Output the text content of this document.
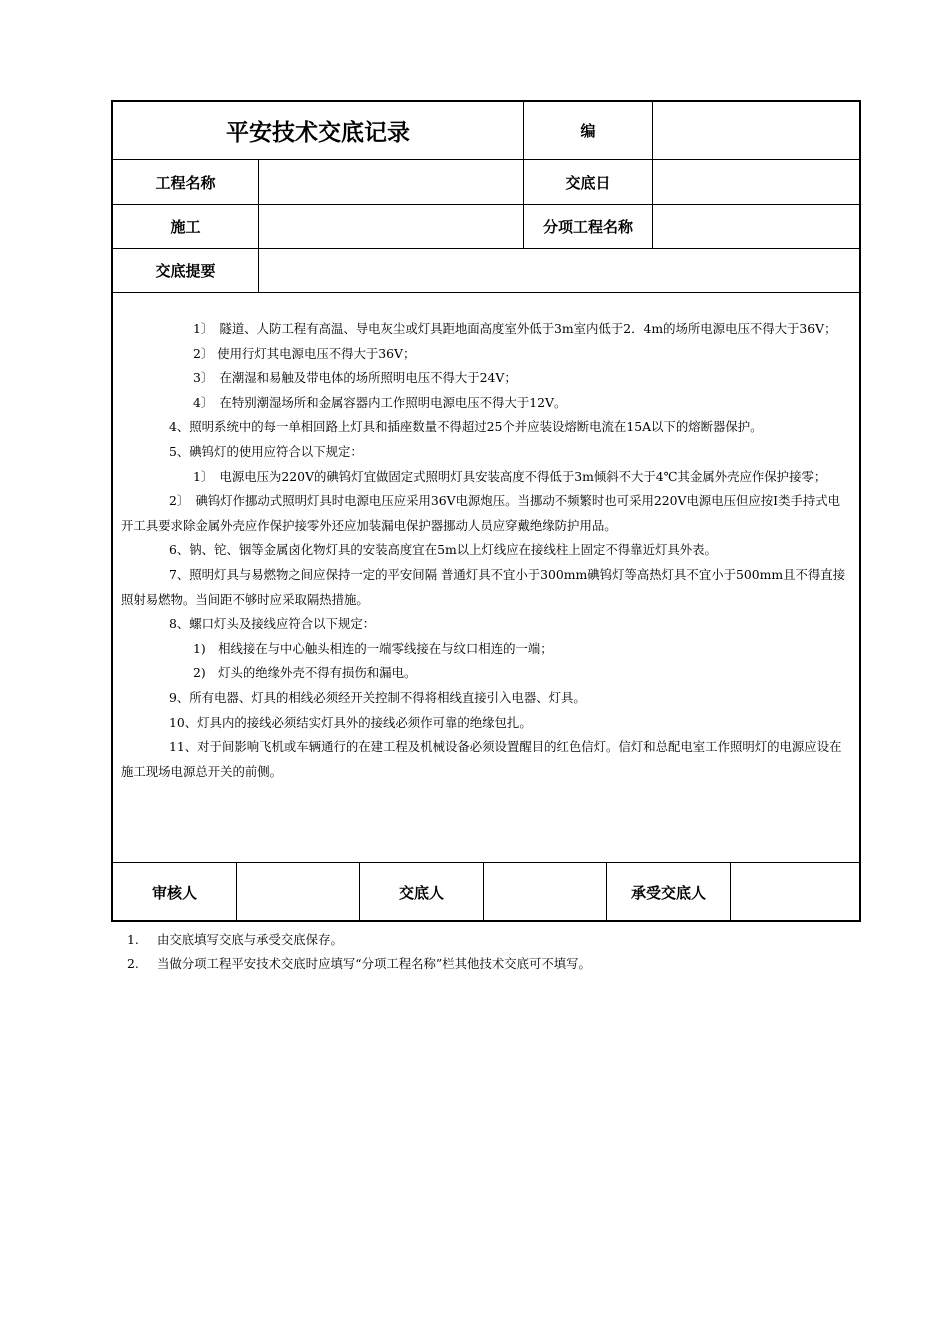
平安技术交底记录	编
工程名称	交底日
施工	分项工程名称
交底提要

1〕　隧道、人防工程有高温、导电灰尘或灯具距地面高度室外低于3m室内低于2．4m的场所电源电压不得大于36V；

2〕 使用行灯其电源电压不得大于36V；

3〕　在潮湿和易触及带电体的场所照明电压不得大于24V；

4〕　在特别潮湿场所和金属容器内工作照明电源电压不得大于12V。

4、照明系统中的每一单相回路上灯具和插座数量不得超过25个并应装设熔断电流在15A以下的熔断器保护。

5、碘钨灯的使用应符合以下规定：

1〕　电源电压为220V的碘钨灯宜做固定式照明灯具安装高度不得低于3m倾斜不大于4℃其金属外壳应作保护接零；

2〕　碘钨灯作挪动式照明灯具时电源电压应采用36V电源炮压。当挪动不频繁时也可采用220V电源电压但应按Ⅰ类手持式电开工具要求除金属外壳应作保护接零外还应加装漏电保护器挪动人员应穿戴绝缘防护用品。

6、钠、铊、铟等金属卤化物灯具的安装高度宜在5m以上灯线应在接线柱上固定不得靠近灯具外表。

7、照明灯具与易燃物之间应保持一定的平安间隔 普通灯具不宜小于300mm碘钨灯等高热灯具不宜小于500mm且不得直接照射易燃物。当间距不够时应采取隔热措施。

8、螺口灯头及接线应符合以下规定：

1)　相线接在与中心触头相连的一端零线接在与纹口相连的一端；

2)　灯头的绝缘外壳不得有损伤和漏电。

9、所有电器、灯具的相线必须经开关控制不得将相线直接引入电器、灯具。

10、灯具内的接线必须结实灯具外的接线必须作可靠的绝缘包扎。

11、对于间影响飞机或车辆通行的在建工程及机械设备必须设置醒目的红色信灯。信灯和总配电室工作照明灯的电源应设在施工现场电源总开关的前侧。

审核人	交底人	承受交底人

1. 由交底填写交底与承受交底保存。

2. 当做分项工程平安技术交底时应填写“分项工程名称”栏其他技术交底可不填写。
